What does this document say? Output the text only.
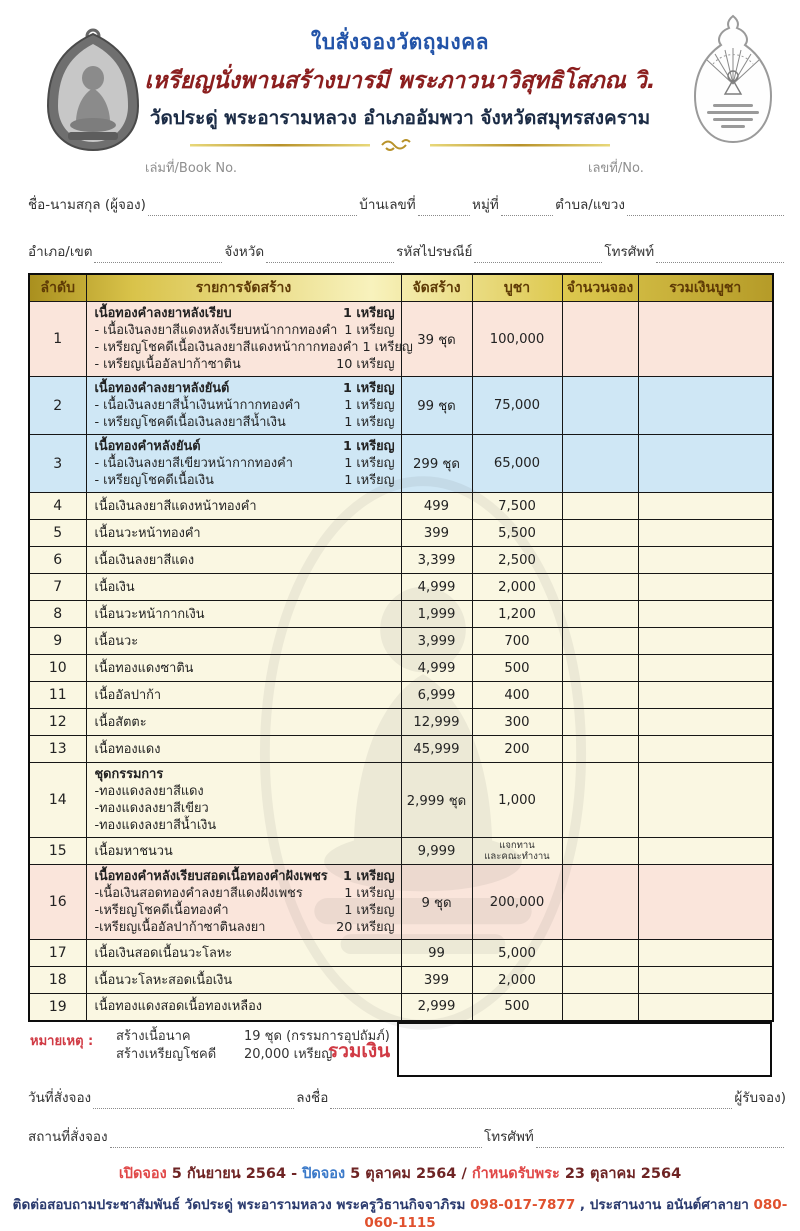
ใบสั่งจองวัตถุมงคล
เหรียญนั่งพานสร้างบารมี พระภาวนาวิสุทธิโสภณ วิ.
วัดประดู่ พระอารามหลวง อำเภออัมพวา จังหวัดสมุทรสงคราม
เล่มที่/Book No.	เลขที่/No.
ชื่อ-นามสกุล (ผู้จอง)	บ้านเลขที่	หมู่ที่	ตำบล/แขวง
อำเภอ/เขต	จังหวัด	รหัสไปรษณีย์	โทรศัพท์
ลำดับ	รายการจัดสร้าง	จัดสร้าง	บูชา	จำนวนจอง	รวมเงินบูชา
1	
เนื้อทองคำลงยาหลังเรียบ	1 เหรียญ
- เนื้อเงินลงยาสีแดงหลังเรียบหน้ากากทองคำ 1 เหรียญ
- เหรียญโชคดีเนื้อเงินลงยาสีแดงหน้ากากทองคำ 1 เหรียญ
- เหรียญเนื้ออัลปาก้าซาติน	10 เหรียญ
	39 ชุด	100,000		
2	
เนื้อทองคำลงยาหลังยันต์	1 เหรียญ
- เนื้อเงินลงยาสีน้ำเงินหน้ากากทองคำ	1 เหรียญ
- เหรียญโชคดีเนื้อเงินลงยาสีน้ำเงิน	1 เหรียญ
	99 ชุด	75,000		
3	
เนื้อทองคำหลังยันต์	1 เหรียญ
- เนื้อเงินลงยาสีเขียวหน้ากากทองคำ	1 เหรียญ
- เหรียญโชคดีเนื้อเงิน	1 เหรียญ
	299 ชุด	65,000		
4	เนื้อเงินลงยาสีแดงหน้าทองคำ	499	7,500		
5	เนื้อนวะหน้าทองคำ	399	5,500		
6	เนื้อเงินลงยาสีแดง	3,399	2,500		
7	เนื้อเงิน	4,999	2,000		
8	เนื้อนวะหน้ากากเงิน	1,999	1,200		
9	เนื้อนวะ	3,999	700		
10	เนื้อทองแดงซาติน	4,999	500		
11	เนื้ออัลปาก้า	6,999	400		
12	เนื้อสัตตะ	12,999	300		
13	เนื้อทองแดง	45,999	200		
14	ชุดกรรมการ
-ทองแดงลงยาสีแดง
-ทองแดงลงยาสีเขียว
-ทองแดงลงยาสีน้ำเงิน	2,999 ชุด	1,000		
15	เนื้อมหาชนวน	9,999	แจกทาน
และคณะทำงาน		

16	
เนื้อทองคำหลังเรียบสอดเนื้อทองคำฝังเพชร	1 เหรียญ
-เนื้อเงินสอดทองคำลงยาสีแดงฝังเพชร	1 เหรียญ
-เหรียญโชคดีเนื้อทองคำ	1 เหรียญ
-เหรียญเนื้ออัลปาก้าซาตินลงยา	20 เหรียญ
	9 ชุด	200,000		
17	เนื้อเงินสอดเนื้อนวะโลหะ	99	5,000		
18	เนื้อนวะโลหะสอดเนื้อเงิน	399	2,000		
19	เนื้อทองแดงสอดเนื้อทองเหลือง	2,999	500		
หมายเหตุ : สร้างเนื้อนาค	19 ชุด (กรรมการอุปถัมภ์)
สร้างเหรียญโชคดี	20,000 เหรียญ
รวมเงิน
วันที่สั่งจอง	ลงชื่อ	ผู้รับจอง)
สถานที่สั่งจอง	โทรศัพท์
เปิดจอง 5 กันยายน 2564 - ปิดจอง 5 ตุลาคม 2564 / กำหนดรับพระ 23 ตุลาคม 2564
ติดต่อสอบถามประชาสัมพันธ์ วัดประดู่ พระอารามหลวง พระครูวิธานกิจจาภิรม 098-017-7877 , ประสานงาน อนันต์ศาลายา 080-060-1115
